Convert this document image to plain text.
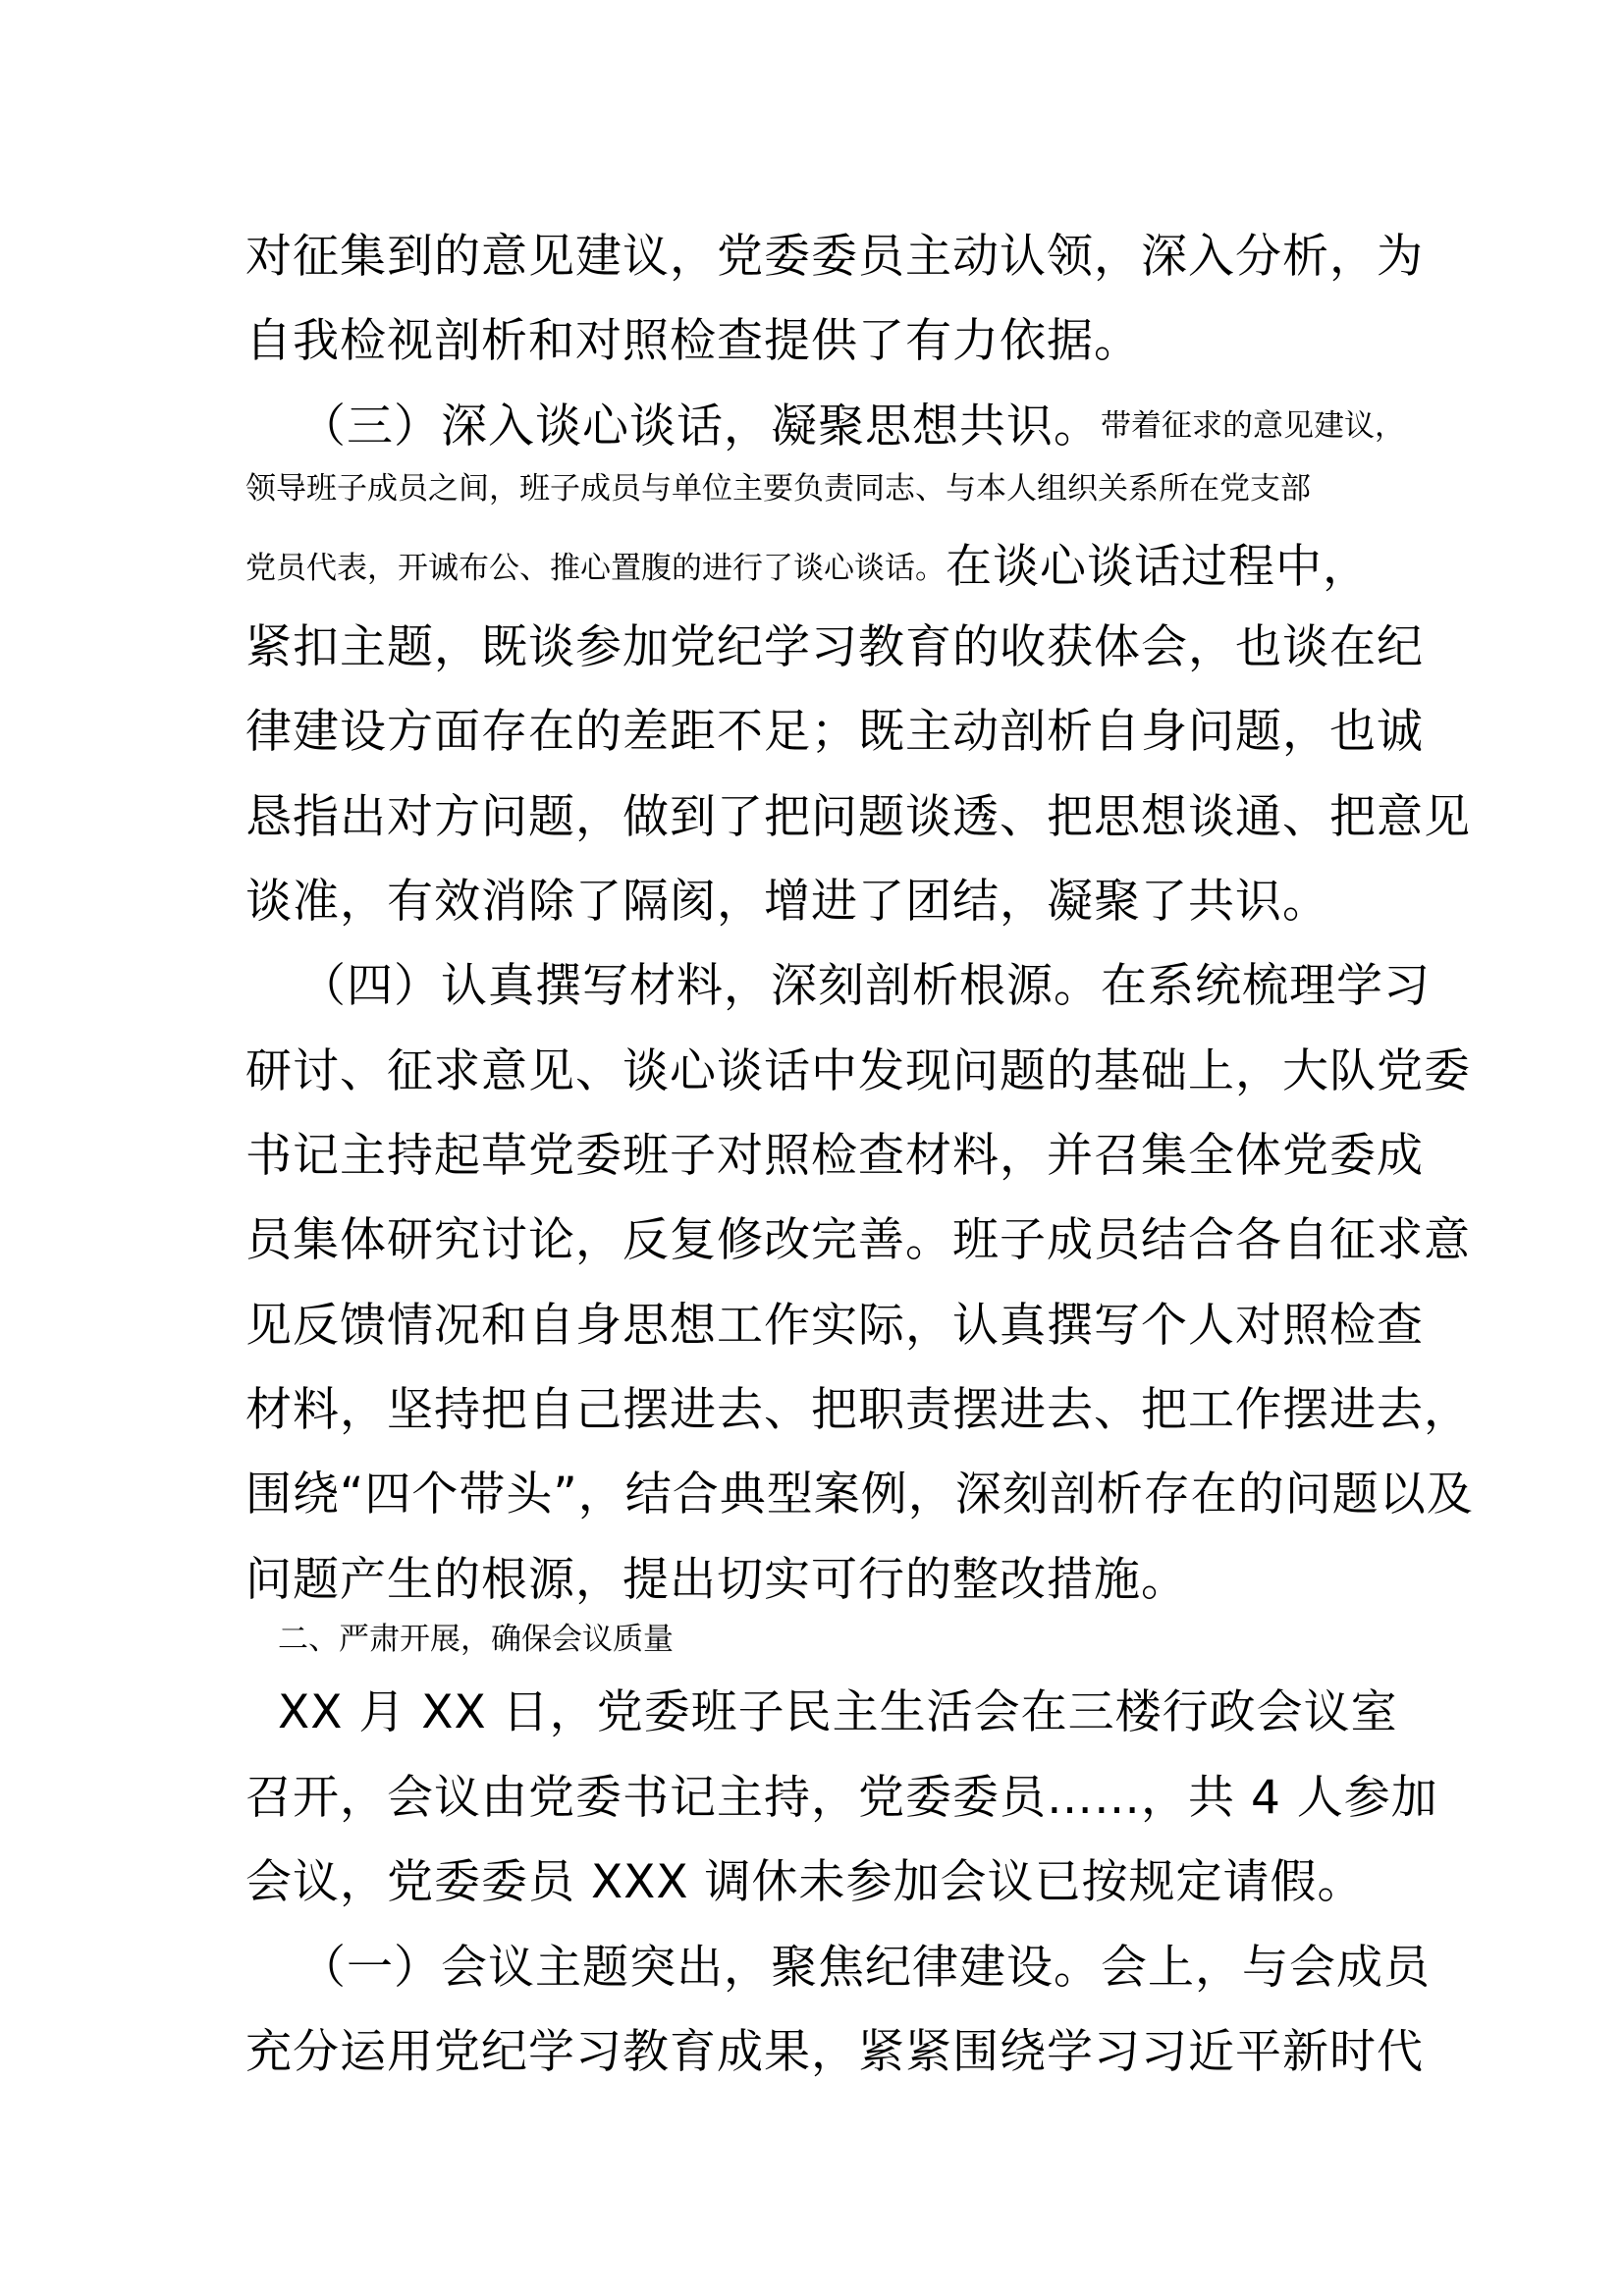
对征集到的意见建议，党委委员主动认领，深入分析，为
自我检视剖析和对照检查提供了有力依据。
（三）深入谈心谈话，凝聚思想共识。带着征求的意见建议，
领导班子成员之间，班子成员与单位主要负责同志、与本人组织关系所在党支部
党员代表，开诚布公、推心置腹的进行了谈心谈话。在谈心谈话过程中，
紧扣主题，既谈参加党纪学习教育的收获体会，也谈在纪
律建设方面存在的差距不足；既主动剖析自身问题，也诚
恳指出对方问题，做到了把问题谈透、把思想谈通、把意见
谈准，有效消除了隔阂，增进了团结，凝聚了共识。
（四）认真撰写材料，深刻剖析根源。在系统梳理学习
研讨、征求意见、谈心谈话中发现问题的基础上，大队党委
书记主持起草党委班子对照检查材料，并召集全体党委成
员集体研究讨论，反复修改完善。班子成员结合各自征求意
见反馈情况和自身思想工作实际，认真撰写个人对照检查
材料，坚持把自己摆进去、把职责摆进去、把工作摆进去，
围绕“四个带头”，结合典型案例，深刻剖析存在的问题以及
问题产生的根源，提出切实可行的整改措施。
二、严肃开展，确保会议质量
XX 月 XX 日，党委班子民主生活会在三楼行政会议室
召开，会议由党委书记主持，党委委员……，共 4 人参加
会议，党委委员 XXX 调休未参加会议已按规定请假。
（一）会议主题突出，聚焦纪律建设。会上，与会成员
充分运用党纪学习教育成果，紧紧围绕学习习近平新时代
